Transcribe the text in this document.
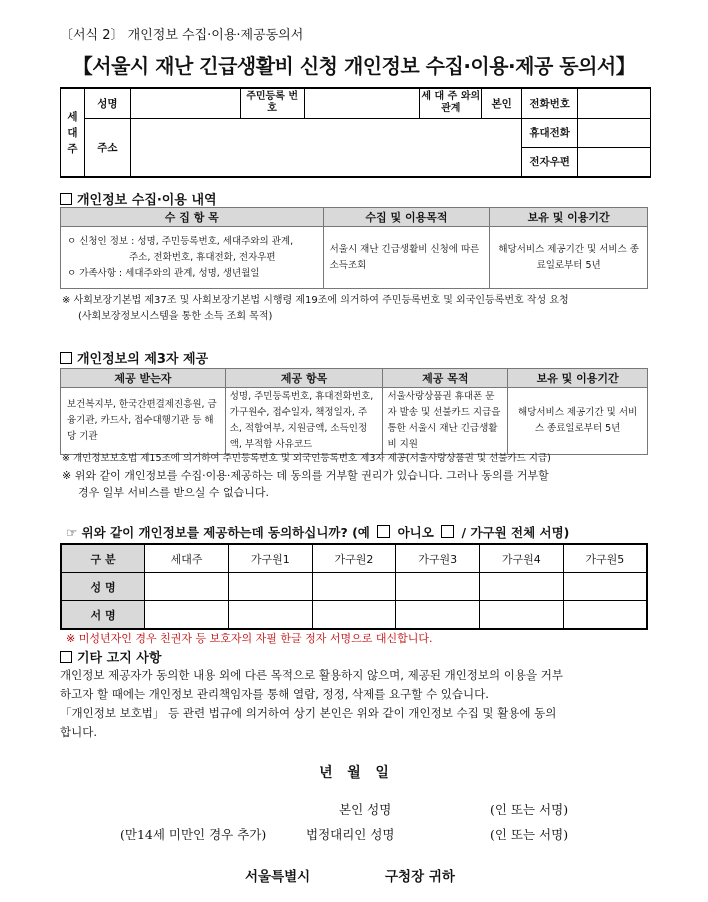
〔서식 2〕 개인정보 수집·이용·제공동의서
【서울시 재난 긴급생활비 신청 개인정보 수집·이용·제공 동의서】
세대주	성명		주민등록 번 호		세 대 주 와의관계	본인	전화번호	
	주소						휴대전화	
							전자우편	
개인정보 수집·이용 내역
수 집 항 목	수집 및 이용목적	보유 및 이용기간

ㅇ 신청인 정보 : 성명, 주민등록번호, 세대주와의 관계,
주소, 전화번호, 휴대전화, 전자우편
ㅇ 가족사항 : 세대주와의 관계, 성명, 생년월일	서울시 재난 긴급생활비 신청에 따른 소득조회	해당서비스 제공기간 및 서비스 종료일로부터 5년
※ 사회보장기본법 제37조 및 사회보장기본법 시행령 제19조에 의거하여 주민등록번호 및 외국인등록번호 작성 요청
(사회보장정보시스템을 통한 소득 조회 목적)
개인정보의 제3자 제공
제공 받는자	제공 항목	제공 목적	보유 및 이용기간
보건복지부, 한국간편결제진흥원, 금융기관, 카드사, 접수대행기관 등 해당 기관	성명, 주민등록번호, 휴대전화번호, 가구원수, 접수일자, 책정일자, 주소, 적합여부, 지원금액, 소득인정액, 부적합 사유코드	서울사랑상품권 휴대폰 문자 발송 및 선불카드 지급을 통한 서울시 재난 긴급생활비 지원	해당서비스 제공기간 및 서비스 종료일로부터 5년
※ 개인정보보호법 제15조에 의거하여 주민등록번호 및 외국인등록번호 제3자 제공(서울사랑상품권 및 선불카드 지급)
※ 위와 같이 개인정보를 수집·이용·제공하는 데 동의를 거부할 권리가 있습니다. 그러나 동의를 거부할
경우 일부 서비스를 받으실 수 없습니다.
☞ 위와 같이 개인정보를 제공하는데 동의하십니까? (예 아니오 / 가구원 전체 서명)
구 분	세대주	가구원1	가구원2	가구원3	가구원4	가구원5
성 명						
서 명						
※ 미성년자인 경우 친권자 등 보호자의 자필 한글 정자 서명으로 대신합니다.
기타 고지 사항
개인정보 제공자가 동의한 내용 외에 다른 목적으로 활용하지 않으며, 제공된 개인정보의 이용을 거부
하고자 할 때에는 개인정보 관리책임자를 통해 열람, 정정, 삭제를 요구할 수 있습니다.
「개인정보 보호법」 등 관련 법규에 의거하여 상기 본인은 위와 같이 개인정보 수집 및 활용에 동의
합니다.
년   월   일
본인 성명	(인 또는 서명)
(만14세 미만인 경우 추가)	법정대리인 성명	(인 또는 서명)
서울특별시	구청장 귀하
